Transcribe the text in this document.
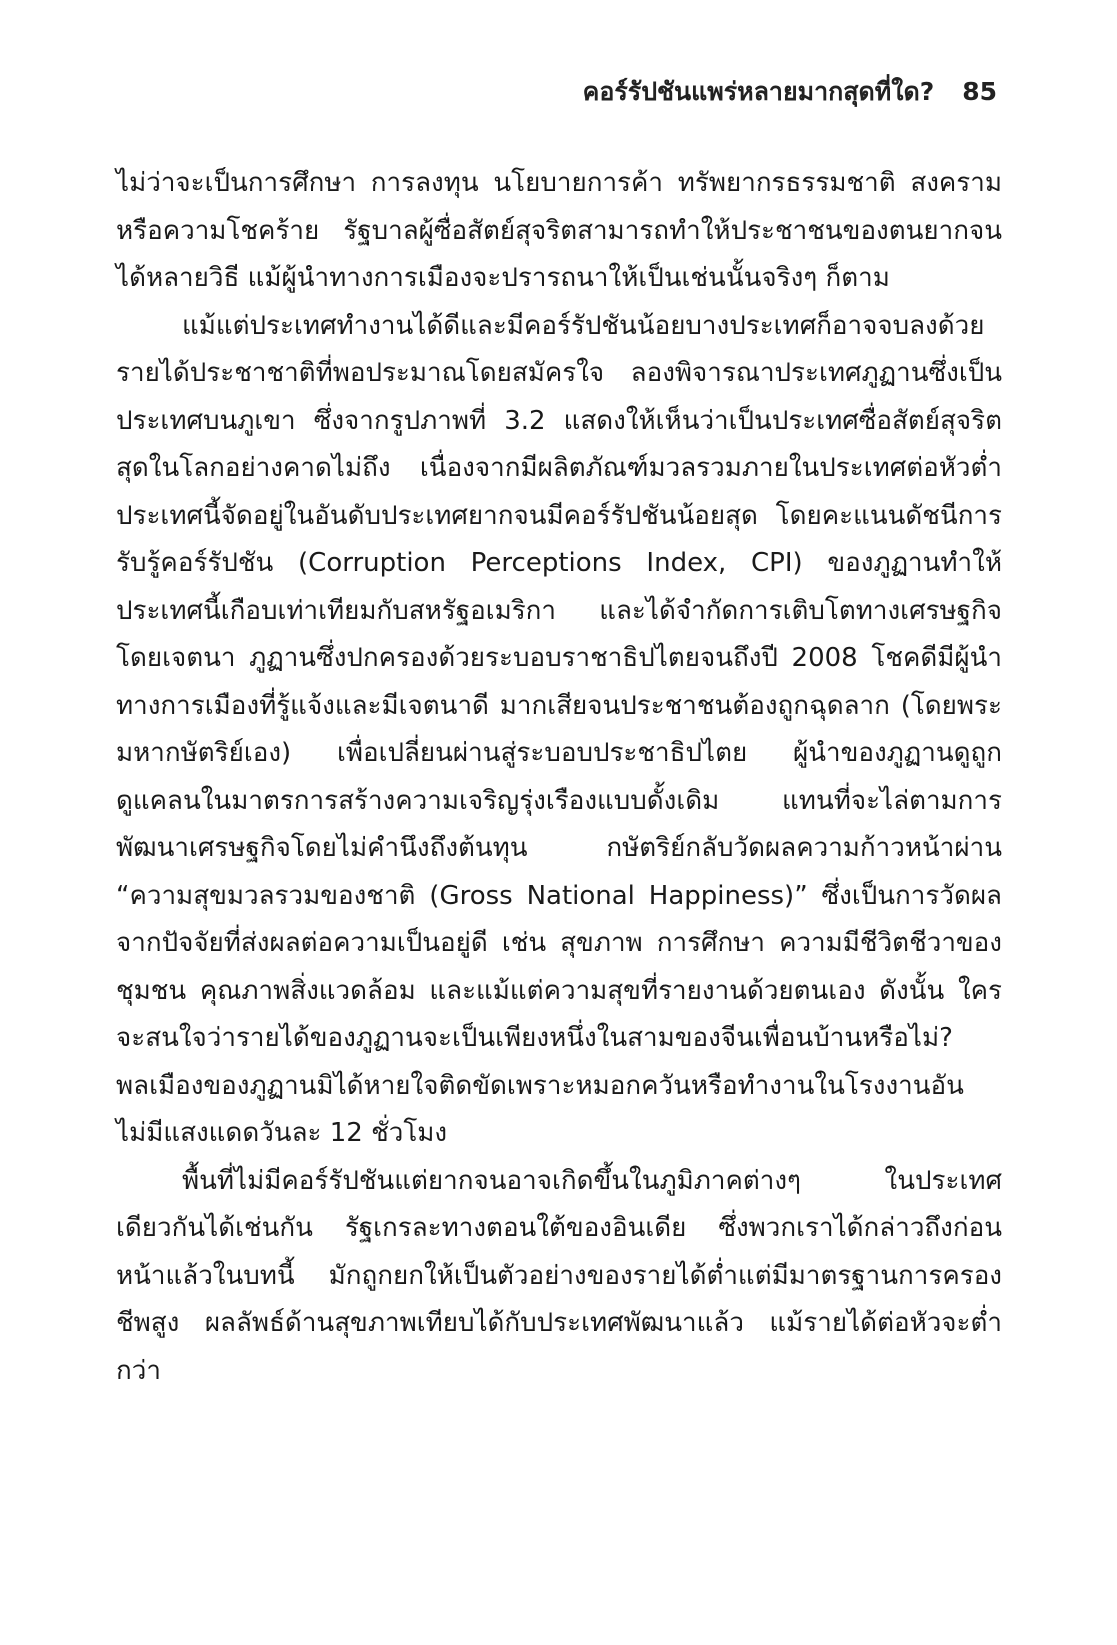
คอร์รัปชันแพร่หลายมากสุดที่ใด? 85

ไม่ว่าจะเป็นการศึกษา การลงทุน นโยบายการค้า ทรัพยากรธรรมชาติ สงคราม หรือความโชคร้าย รัฐบาลผู้ซื่อสัตย์สุจริตสามารถทำให้ประชาชนของตนยากจนได้หลายวิธี แม้ผู้นำทางการเมืองจะปรารถนาให้เป็นเช่นนั้นจริงๆ ก็ตาม

แม้แต่ประเทศทำงานได้ดีและมีคอร์รัปชันน้อยบางประเทศก็อาจจบลงด้วยรายได้ประชาชาติที่พอประมาณโดยสมัครใจ ลองพิจารณาประเทศภูฏานซึ่งเป็นประเทศบนภูเขา ซึ่งจากรูปภาพที่ 3.2 แสดงให้เห็นว่าเป็นประเทศซื่อสัตย์สุจริตสุดในโลกอย่างคาดไม่ถึง เนื่องจากมีผลิตภัณฑ์มวลรวมภายในประเทศต่อหัวต่ำประเทศนี้จัดอยู่ในอันดับประเทศยากจนมีคอร์รัปชันน้อยสุด โดยคะแนนดัชนีการรับรู้คอร์รัปชัน (Corruption Perceptions Index, CPI) ของภูฏานทำให้ประเทศนี้เกือบเท่าเทียมกับสหรัฐอเมริกา และได้จำกัดการเติบโตทางเศรษฐกิจโดยเจตนา ภูฏานซึ่งปกครองด้วยระบอบราชาธิปไตยจนถึงปี 2008 โชคดีมีผู้นำทางการเมืองที่รู้แจ้งและมีเจตนาดี มากเสียจนประชาชนต้องถูกฉุดลาก (โดยพระมหากษัตริย์เอง) เพื่อเปลี่ยนผ่านสู่ระบอบประชาธิปไตย ผู้นำของภูฏานดูถูกดูแคลนในมาตรการสร้างความเจริญรุ่งเรืองแบบดั้งเดิม แทนที่จะไล่ตามการพัฒนาเศรษฐกิจโดยไม่คำนึงถึงต้นทุน กษัตริย์กลับวัดผลความก้าวหน้าผ่าน “ความสุขมวลรวมของชาติ (Gross National Happiness)” ซึ่งเป็นการวัดผลจากปัจจัยที่ส่งผลต่อความเป็นอยู่ดี เช่น สุขภาพ การศึกษา ความมีชีวิตชีวาของชุมชน คุณภาพสิ่งแวดล้อม และแม้แต่ความสุขที่รายงานด้วยตนเอง ดังนั้น ใครจะสนใจว่ารายได้ของภูฏานจะเป็นเพียงหนึ่งในสามของจีนเพื่อนบ้านหรือไม่? พลเมืองของภูฏานมิได้หายใจติดขัดเพราะหมอกควันหรือทำงานในโรงงานอันไม่มีแสงแดดวันละ 12 ชั่วโมง

พื้นที่ไม่มีคอร์รัปชันแต่ยากจนอาจเกิดขึ้นในภูมิภาคต่างๆ ในประเทศเดียวกันได้เช่นกัน รัฐเกรละทางตอนใต้ของอินเดีย ซึ่งพวกเราได้กล่าวถึงก่อนหน้าแล้วในบทนี้ มักถูกยกให้เป็นตัวอย่างของรายได้ต่ำแต่มีมาตรฐานการครองชีพสูง ผลลัพธ์ด้านสุขภาพเทียบได้กับประเทศพัฒนาแล้ว แม้รายได้ต่อหัวจะต่ำกว่า
